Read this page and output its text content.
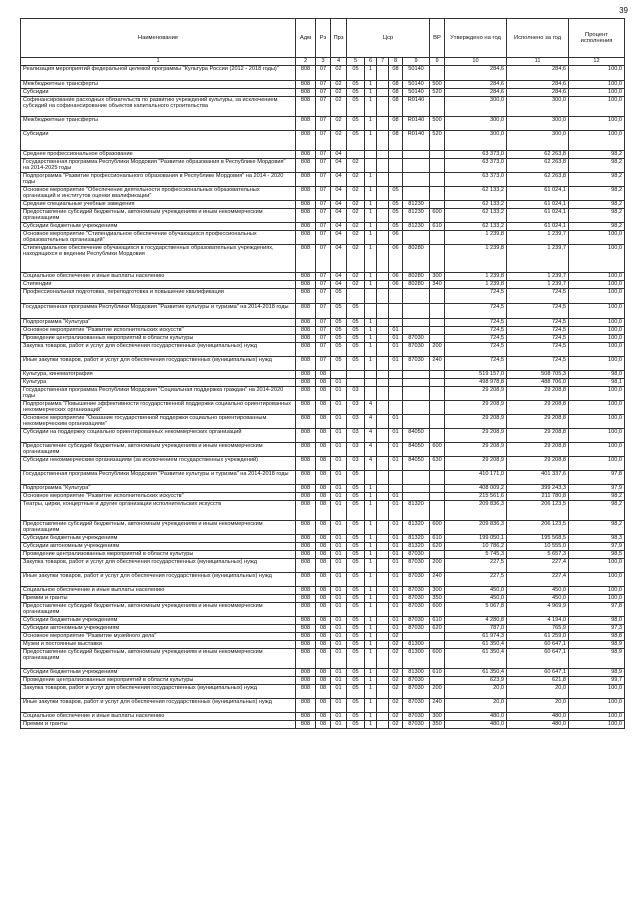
39
Наименование	Адм	Рз	Прз	Цср					ВР	Утверждено на год	Исполнено за год	Процент исполнения
1	2	3	4	5	6	7	8	9	9	10	11	12
Реализация мероприятий федеральной целевой программы "Культура России (2012 - 2018 годы)"	808	07	02	05	1		08	50140		284,6	284,6	100,0
Межбюджетные трансферты	808	07	02	05	1		08	50140	500	284,6	284,6	100,0
Субсидии	808	07	02	05	1		08	50140	520	284,6	284,6	100,0
Софинансирование расходных обязательств по развитию учреждений культуры, за исключением субсидий на софинансирование объектов капитального строительства	808	07	02	05	1		08	R0140		300,0	300,0	100,0
Межбюджетные трансферты	808	07	02	05	1		08	R0140	500	300,0	300,0	100,0
Субсидии	808	07	02	05	1		08	R0140	520	300,0	300,0	100,0
Среднее профессиональное образование	808	07	04							63 373,0	62 263,8	98,2
Государственная программа Республики Мордовия "Развитие образования в Республике Мордовия" на 2014-2025 годы	808	07	04	02						63 373,0	62 263,8	98,2
Подпрограмма "Развитие профессионального образования в Республике Мордовия" на 2014 - 2020 годы	808	07	04	02	1					63 373,0	62 263,8	98,2
Основное мероприятие "Обеспечение деятельности профессиональных образовательных организаций и институтов оценки квалификации"	808	07	04	02	1		05			62 133,2	61 024,1	98,2
Средние специальные учебные заведения	808	07	04	02	1		05	81230		62 133,2	61 024,1	98,2
Предоставление субсидий бюджетным, автономным учреждениям и иным некоммерческим организациям	808	07	04	02	1		05	81230	600	62 133,2	61 024,1	98,2
Субсидии бюджетным учреждениям	808	07	04	02	1		05	81230	610	62 133,2	61 024,1	98,2
Основное мероприятие "Стипендиальное обеспечение обучающихся профессиональных образовательных организаций"	808	07	04	02	1		06			1 239,8	1 239,7	100,0
Стипендиальное обеспечение обучающихся в государственных образовательных учреждениях, находящихся в ведении Республики Мордовия	808	07	04	02	1		06	80280		1 239,8	1 239,7	100,0
Социальное обеспечение и иные выплаты населению	808	07	04	02	1		06	80280	300	1 239,8	1 239,7	100,0
Стипендии	808	07	04	02	1		06	80280	340	1 239,8	1 239,7	100,0
Профессиональная подготовка, переподготовка и повышение квалификации	808	07	05							724,5	724,5	100,0
Государственная программа Республики Мордовия "Развитие культуры и туризма" на 2014-2018 годы	808	07	05	05						724,5	724,5	100,0
Подпрограмма "Культура"	808	07	05	05	1					724,5	724,5	100,0
Основное мероприятие "Развитие исполнительских искусств"	808	07	05	05	1		01			724,5	724,5	100,0
Проведение централизованных мероприятий в области культуры	808	07	05	05	1		01	87030		724,5	724,5	100,0
Закупка товаров, работ и услуг для обеспечения государственных (муниципальных) нужд	808	07	05	05	1		01	87030	200	724,5	724,5	100,0
Иные закупки товаров, работ и услуг для обеспечения государственных (муниципальных) нужд	808	07	05	05	1		01	87030	240	724,5	724,5	100,0
Культура, кинематография	808	08								519 157,0	508 705,3	98,0
Культура	808	08	01							498 978,8	488 706,0	98,1
Государственная программа Республики Мордовия "Социальная поддержка граждан" на 2014-2020 годы	808	08	01	03						29 208,9	29 208,8	100,0
Подпрограмма "Повышение эффективности государственной поддержки социально ориентированных некоммерческих организаций"	808	08	01	03	4					29 208,9	29 208,8	100,0
Основное мероприятие "Оказание государственной поддержки социально ориентированным некоммерческим организациям"	808	08	01	03	4		01			29 208,9	29 208,8	100,0
Субсидии на поддержку социально ориентированных некоммерческих организаций	808	08	01	03	4		01	84050		29 208,9	29 208,8	100,0
Предоставление субсидий бюджетным, автономным учреждениям и иным некоммерческим организациям	808	08	01	03	4		01	84050	600	29 208,9	29 208,8	100,0
Субсидии некоммерческим организациям (за исключением государственных учреждений)	808	08	01	03	4		01	84050	630	29 208,9	29 208,8	100,0
Государственная программа Республики Мордовия "Развитие культуры и туризма" на 2014-2018 годы	808	08	01	05						410 171,0	401 337,6	97,8
Подпрограмма "Культура"	808	08	01	05	1					408 009,2	399 243,3	97,9
Основное мероприятие "Развитие исполнительских искусств"	808	08	01	05	1		01			215 561,6	211 780,8	98,2
Театры, цирки, концертные и другие организации исполнительских искусств	808	08	01	05	1		01	81320		209 836,3	206 123,5	98,2
Предоставление субсидий бюджетным, автономным учреждениям и иным некоммерческим организациям	808	08	01	05	1		01	81320	600	209 836,3	206 123,5	98,2
Субсидии бюджетным учреждениям	808	08	01	05	1		01	81320	610	199 050,1	195 568,5	98,3
Субсидии автономным учреждениям	808	08	01	05	1		01	81320	620	10 786,2	10 555,0	97,9
Проведение централизованных мероприятий в области культуры	808	08	01	05	1		01	87030		5 745,3	5 657,3	98,5
Закупка товаров, работ и услуг для обеспечения государственных (муниципальных) нужд	808	08	01	05	1		01	87030	200	227,5	227,4	100,0
Иные закупки товаров, работ и услуг для обеспечения государственных (муниципальных) нужд	808	08	01	05	1		01	87030	240	227,5	227,4	100,0
Социальное обеспечение и иные выплаты населению	808	08	01	05	1		01	87030	300	450,0	450,0	100,0
Премии и гранты	808	08	01	05	1		01	87030	350	450,0	450,0	100,0
Предоставление субсидий бюджетным, автономным учреждениям и иным некоммерческим организациям	808	08	01	05	1		01	87030	600	5 067,8	4 969,9	97,8
Субсидии бюджетным учреждениям	808	08	01	05	1		01	87030	610	4 280,8	4 194,0	98,0
Субсидии автономным учреждениям	808	08	01	05	1		01	87030	620	787,0	765,9	97,3
Основное мероприятие "Развитие музейного дела"	808	08	01	05	1		02			61 974,3	61 259,0	98,8
Музеи и постоянные выставки	808	08	01	05	1		02	81300		61 350,4	60 647,1	98,9
Предоставление субсидий бюджетным, автономным учреждениям и иным некоммерческим организациям	808	08	01	05	1		02	81300	600	61 350,4	60 647,1	98,9
Субсидии бюджетным учреждениям	808	08	01	05	1		02	81300	610	61 350,4	60 647,1	98,9
Проведение централизованных мероприятий в области культуры	808	08	01	05	1		02	87030		623,9	621,8	99,7
Закупка товаров, работ и услуг для обеспечения государственных (муниципальных) нужд	808	08	01	05	1		02	87030	200	20,0	20,0	100,0
Иные закупки товаров, работ и услуг для обеспечения государственных (муниципальных) нужд	808	08	01	05	1		02	87030	240	20,0	20,0	100,0
Социальное обеспечение и иные выплаты населению	808	08	01	05	1		02	87030	300	480,0	480,0	100,0
Премии и гранты	808	08	01	05	1		02	87030	350	480,0	480,0	100,0
